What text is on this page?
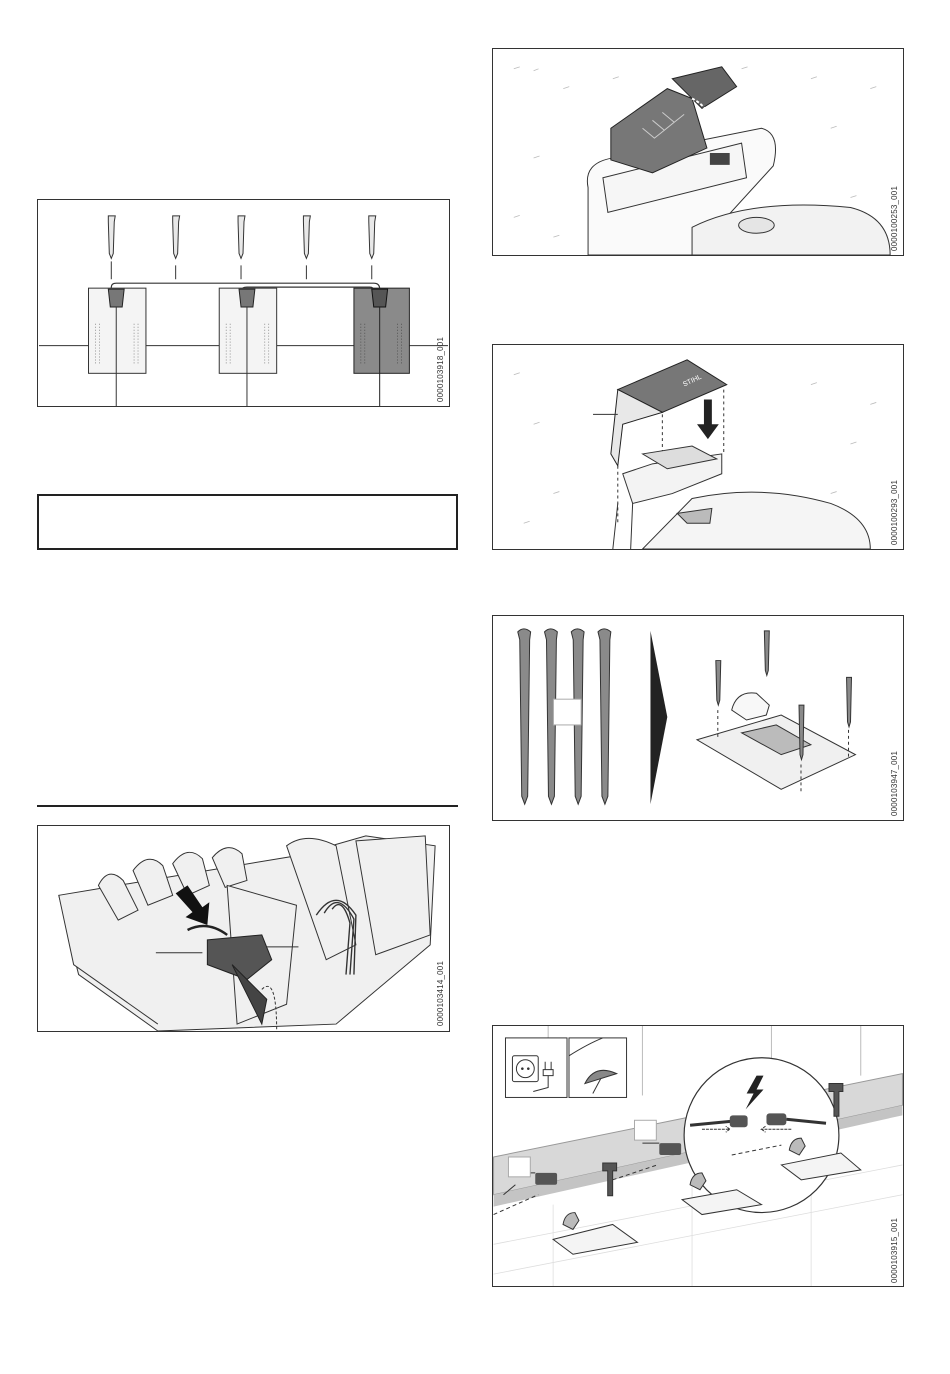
0000103918_001
0000103414_001
0000100253_001
STIHL
0000100293_001
0000103947_001
0000103915_001
